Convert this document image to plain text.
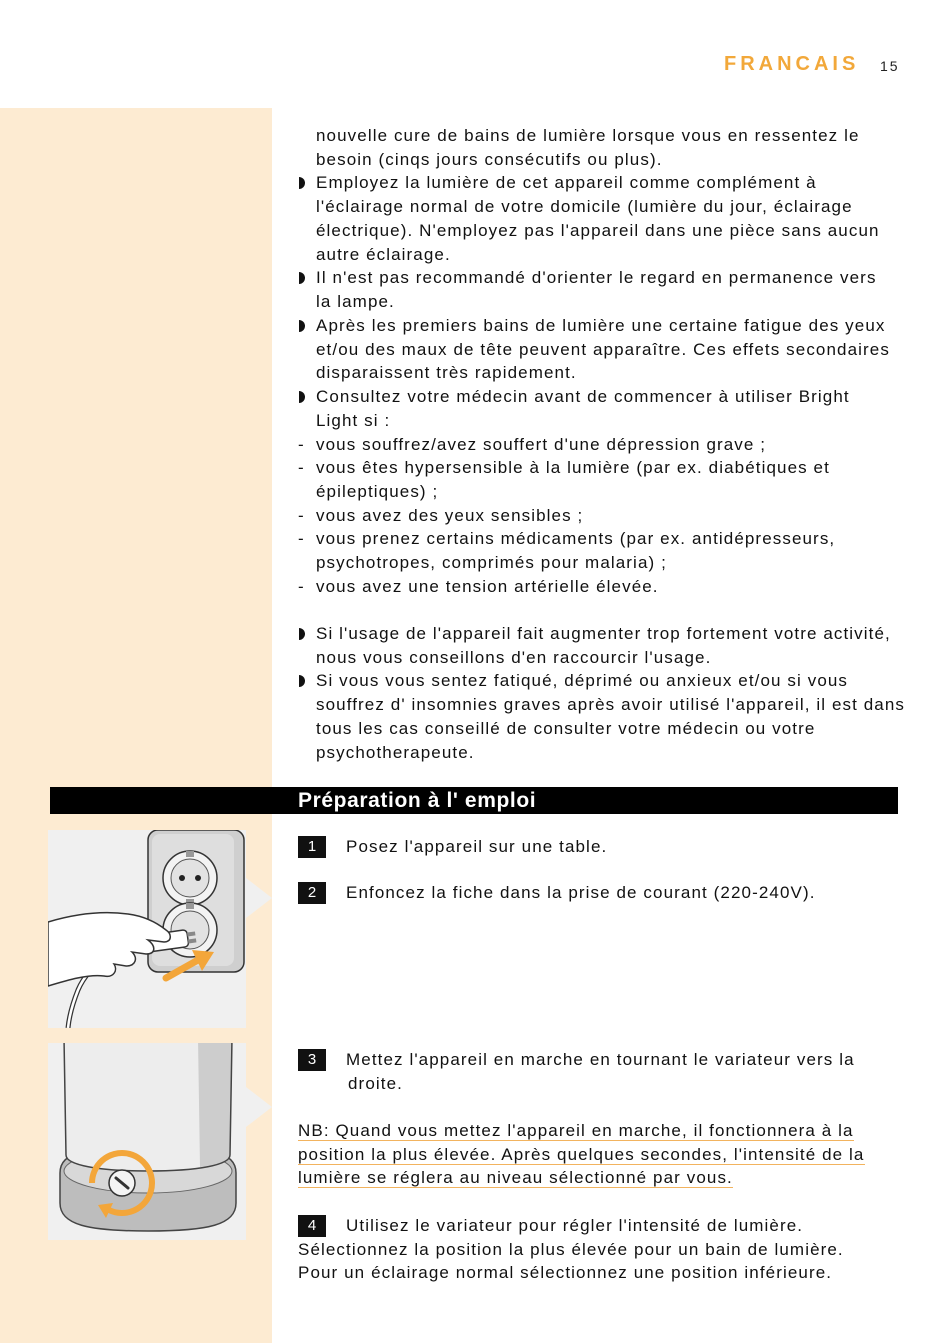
FRANCAIS 15
nouvelle cure de bains de lumière lorsque vous en ressentez le
besoin (cinqs jours consécutifs ou plus).
Employez la lumière de cet appareil comme complément à
l'éclairage normal de votre domicile (lumière du jour, éclairage
électrique). N'employez pas l'appareil dans une pièce sans aucun
autre éclairage.
Il n'est pas recommandé d'orienter le regard en permanence vers
la lampe.
Après les premiers bains de lumière une certaine fatigue des yeux
et/ou des maux de tête peuvent apparaître. Ces effets secondaires
disparaissent très rapidement.
Consultez votre médecin avant de commencer à utiliser Bright
Light si :
- vous souffrez/avez souffert d'une dépression grave ;
- vous êtes hypersensible à la lumière (par ex. diabétiques et
épileptiques) ;
- vous avez des yeux sensibles ;
- vous prenez certains médicaments (par ex. antidépresseurs,
psychotropes, comprimés pour malaria) ;
- vous avez une tension artérielle élevée.
Si l'usage de l'appareil fait augmenter trop fortement votre activité,
nous vous conseillons d'en raccourcir l'usage.
Si vous vous sentez fatiqué, déprimé ou anxieux et/ou si vous
souffrez d' insomnies graves après avoir utilisé l'appareil, il est dans
tous les cas conseillé de consulter votre médecin ou votre
psychotherapeute.
Préparation à l' emploi
1	Posez l'appareil sur une table.
2	Enfoncez la fiche dans la prise de courant (220-240V).
3	Mettez l'appareil en marche en tournant le variateur vers la
droite.
NB: Quand vous mettez l'appareil en marche, il fonctionnera à la
position la plus élevée. Après quelques secondes, l'intensité de la
lumière se réglera au niveau sélectionné par vous.
4	Utilisez le variateur pour régler l'intensité de lumière.
Sélectionnez la position la plus élevée pour un bain de lumière.
Pour un éclairage normal sélectionnez une position inférieure.
